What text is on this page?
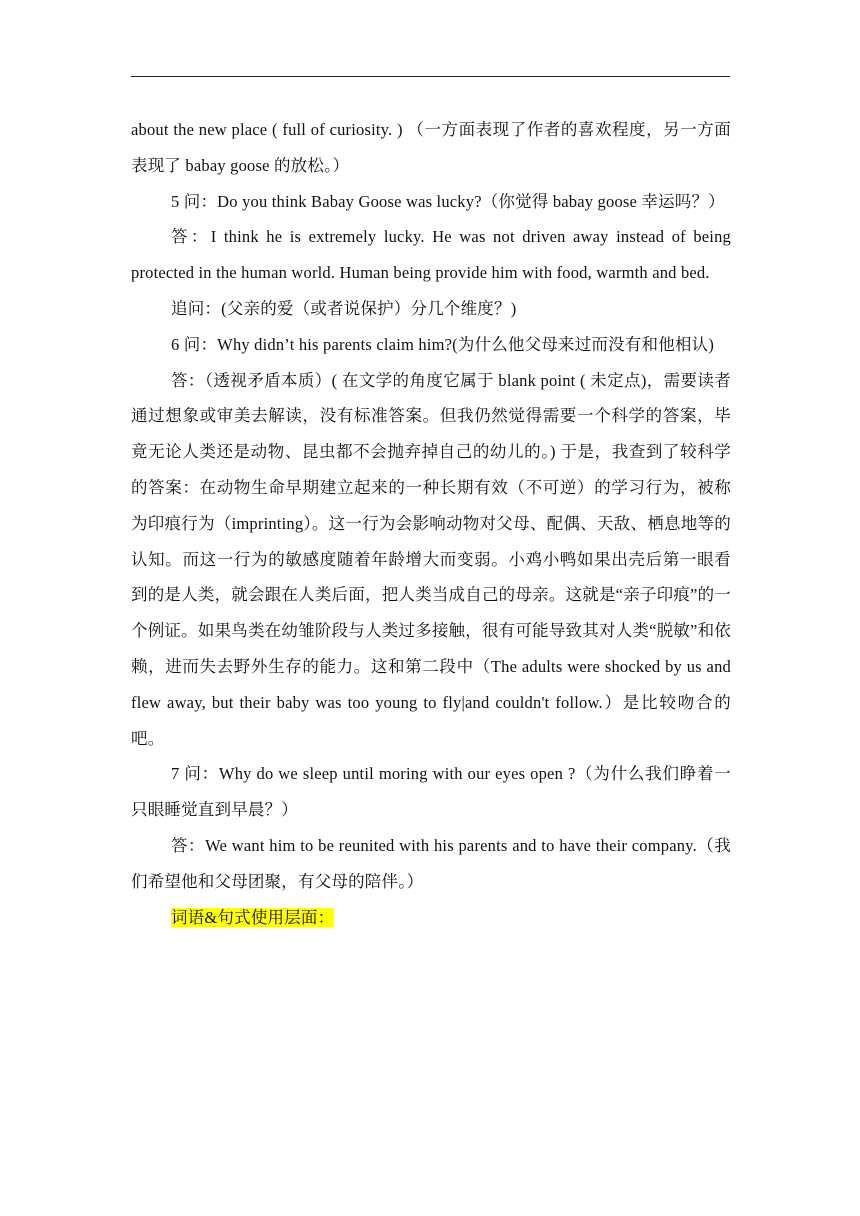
about the new place ( full of curiosity. ) （一方面表现了作者的喜欢程度，另一方面表现了 babay goose 的放松。）

5 问：Do you think Babay Goose was lucky?（你觉得 babay goose 幸运吗？）

答：I think he is extremely lucky. He was not driven away instead of being protected in the human world. Human being provide him with food, warmth and bed.

追问：(父亲的爱（或者说保护）分几个维度？)

6 问：Why didn’t his parents claim him?(为什么他父母来过而没有和他相认)

答：（透视矛盾本质）( 在文学的角度它属于 blank point ( 未定点)，需要读者通过想象或审美去解读，没有标准答案。但我仍然觉得需要一个科学的答案，毕竟无论人类还是动物、昆虫都不会抛弃掉自己的幼儿的。) 于是，我查到了较科学的答案：在动物生命早期建立起来的一种长期有效（不可逆）的学习行为，被称为印痕行为（imprinting）。这一行为会影响动物对父母、配偶、天敌、栖息地等的认知。而这一行为的敏感度随着年龄增大而变弱。小鸡小鸭如果出壳后第一眼看到的是人类，就会跟在人类后面，把人类当成自己的母亲。这就是“亲子印痕”的一个例证。如果鸟类在幼雏阶段与人类过多接触，很有可能导致其对人类“脱敏”和依赖，进而失去野外生存的能力。这和第二段中（The adults were shocked by us and flew away, but their baby was too young to fly|and couldn't follow.）是比较吻合的吧。

7 问：Why do we sleep until moring with our eyes open ?（为什么我们睁着一只眼睡觉直到早晨？）

答：We want him to be reunited with his parents and to have their company.（我们希望他和父母团聚，有父母的陪伴。）

词语&句式使用层面：
